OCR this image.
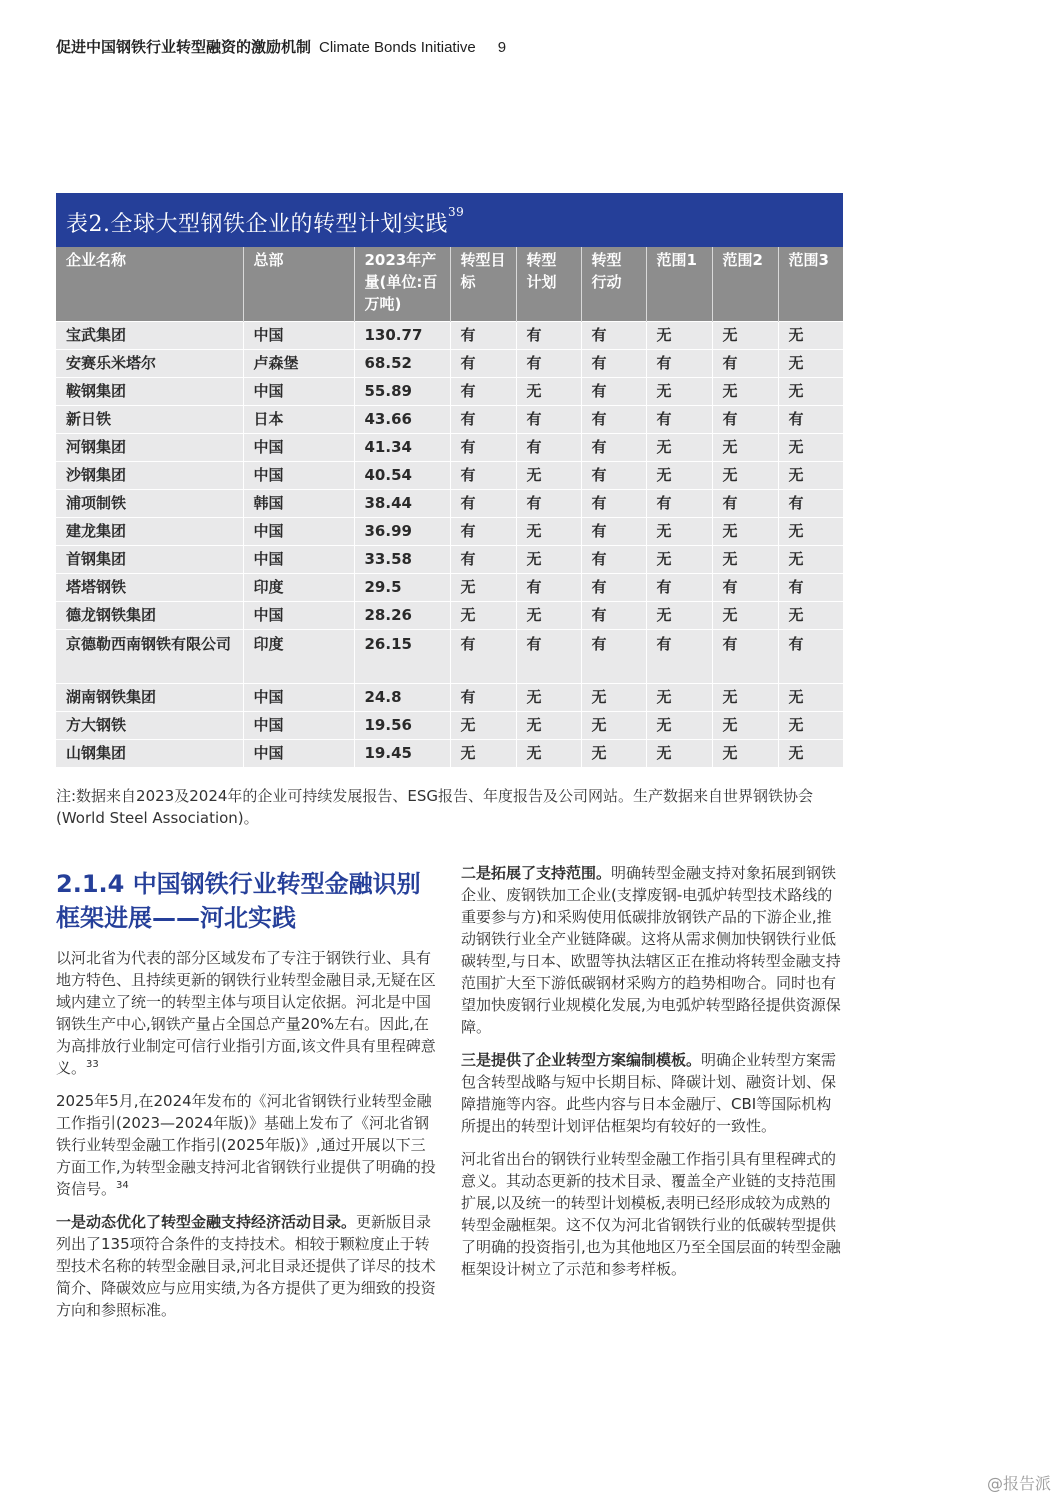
促进中国钢铁行业转型融资的激励机制 Climate Bonds Initiative 9
表2.全球大型钢铁企业的转型计划实践$^{39}$
企业名称	总部	2023年产量(单位:百万吨)	转型目标	转型计划	转型行动	范围1	范围2	范围3
宝武集团	中国	130.77	有	有	有	无	无	无
安赛乐米塔尔	卢森堡	68.52	有	有	有	有	有	无
鞍钢集团	中国	55.89	有	无	有	无	无	无
新日铁	日本	43.66	有	有	有	有	有	有
河钢集团	中国	41.34	有	有	有	无	无	无
沙钢集团	中国	40.54	有	无	有	无	无	无
浦项制铁	韩国	38.44	有	有	有	有	有	有
建龙集团	中国	36.99	有	无	有	无	无	无
首钢集团	中国	33.58	有	无	有	无	无	无
塔塔钢铁	印度	29.5	无	有	有	有	有	有
德龙钢铁集团	中国	28.26	无	无	有	无	无	无
京德勒西南钢铁有限公司	印度	26.15	有	有	有	有	有	有
湖南钢铁集团	中国	24.8	有	无	无	无	无	无
方大钢铁	中国	19.56	无	无	无	无	无	无
山钢集团	中国	19.45	无	无	无	无	无	无
注:数据来自2023及2024年的企业可持续发展报告、ESG报告、年度报告及公司网站。生产数据来自世界钢铁协会(World Steel Association)。
2.1.4 中国钢铁行业转型金融识别框架进展——河北实践

以河北省为代表的部分区域发布了专注于钢铁行业、具有地方特色、且持续更新的钢铁行业转型金融目录,无疑在区域内建立了统一的转型主体与项目认定依据。河北是中国钢铁生产中心,钢铁产量占全国总产量20%左右。因此,在为高排放行业制定可信行业指引方面,该文件具有里程碑意义。$^{33}$

2025年5月,在2024年发布的《河北省钢铁行业转型金融工作指引(2023—2024年版)》基础上发布了《河北省钢铁行业转型金融工作指引(2025年版)》,通过开展以下三方面工作,为转型金融支持河北省钢铁行业提供了明确的投资信号。$^{34}$

一是动态优化了转型金融支持经济活动目录。更新版目录列出了135项符合条件的支持技术。相较于颗粒度止于转型技术名称的转型金融目录,河北目录还提供了详尽的技术简介、降碳效应与应用实绩,为各方提供了更为细致的投资方向和参照标准。

二是拓展了支持范围。明确转型金融支持对象拓展到钢铁企业、废钢铁加工企业(支撑废钢-电弧炉转型技术路线的重要参与方)和采购使用低碳排放钢铁产品的下游企业,推动钢铁行业全产业链降碳。这将从需求侧加快钢铁行业低碳转型,与日本、欧盟等执法辖区正在推动将转型金融支持范围扩大至下游低碳钢材采购方的趋势相吻合。同时也有望加快废钢行业规模化发展,为电弧炉转型路径提供资源保障。

三是提供了企业转型方案编制模板。明确企业转型方案需包含转型战略与短中长期目标、降碳计划、融资计划、保障措施等内容。此些内容与日本金融厅、CBI等国际机构所提出的转型计划评估框架均有较好的一致性。

河北省出台的钢铁行业转型金融工作指引具有里程碑式的意义。其动态更新的技术目录、覆盖全产业链的支持范围扩展,以及统一的转型计划模板,表明已经形成较为成熟的转型金融框架。这不仅为河北省钢铁行业的低碳转型提供了明确的投资指引,也为其他地区乃至全国层面的转型金融框架设计树立了示范和参考样板。

@报告派
